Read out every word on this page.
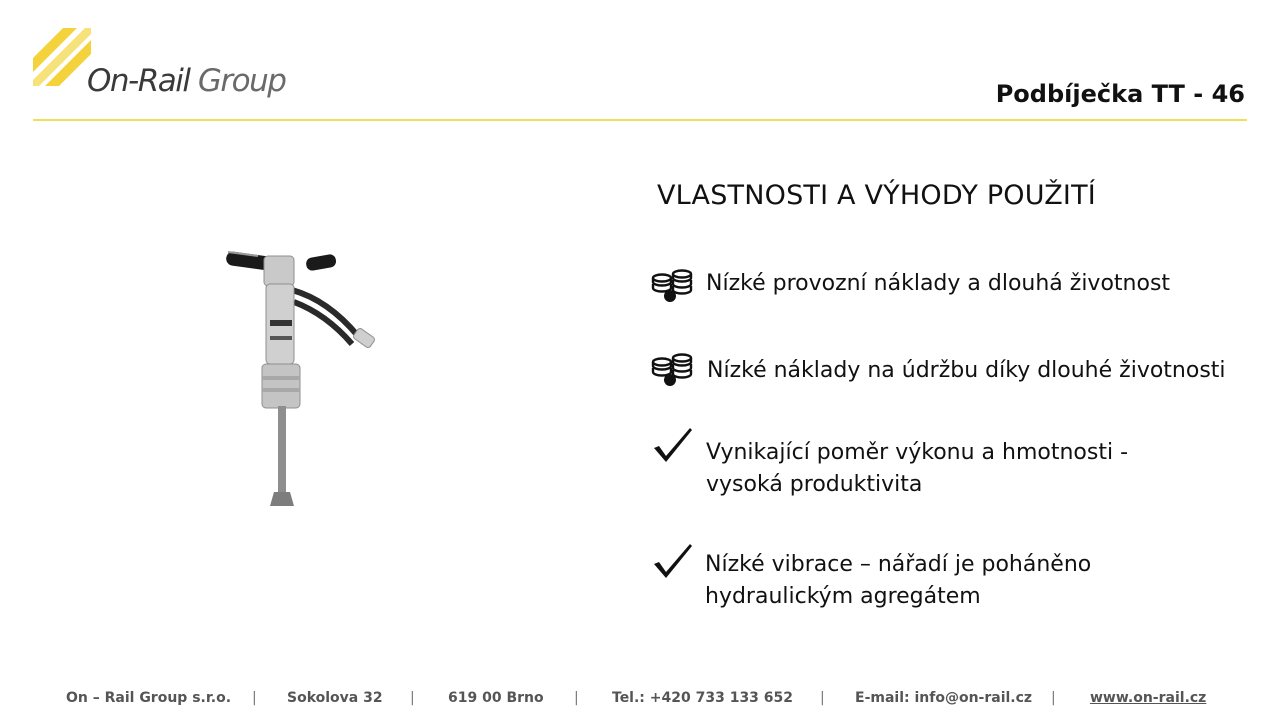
On-Rail Group	Podbíječka TT - 46
VLASTNOSTI A VÝHODY POUŽITÍ
Nízké provozní náklady a dlouhá životnost
Nízké náklady na údržbu díky dlouhé životnosti
Vynikající poměr výkonu a hmotnosti -
vysoká produktivita
Nízké vibrace – nářadí je poháněno
hydraulickým agregátem
On – Rail Group s.r.o. | Sokolova 32 | 619 00 Brno | Tel.: +420 733 133 652 | E-mail: info@on-rail.cz | www.on-rail.cz
